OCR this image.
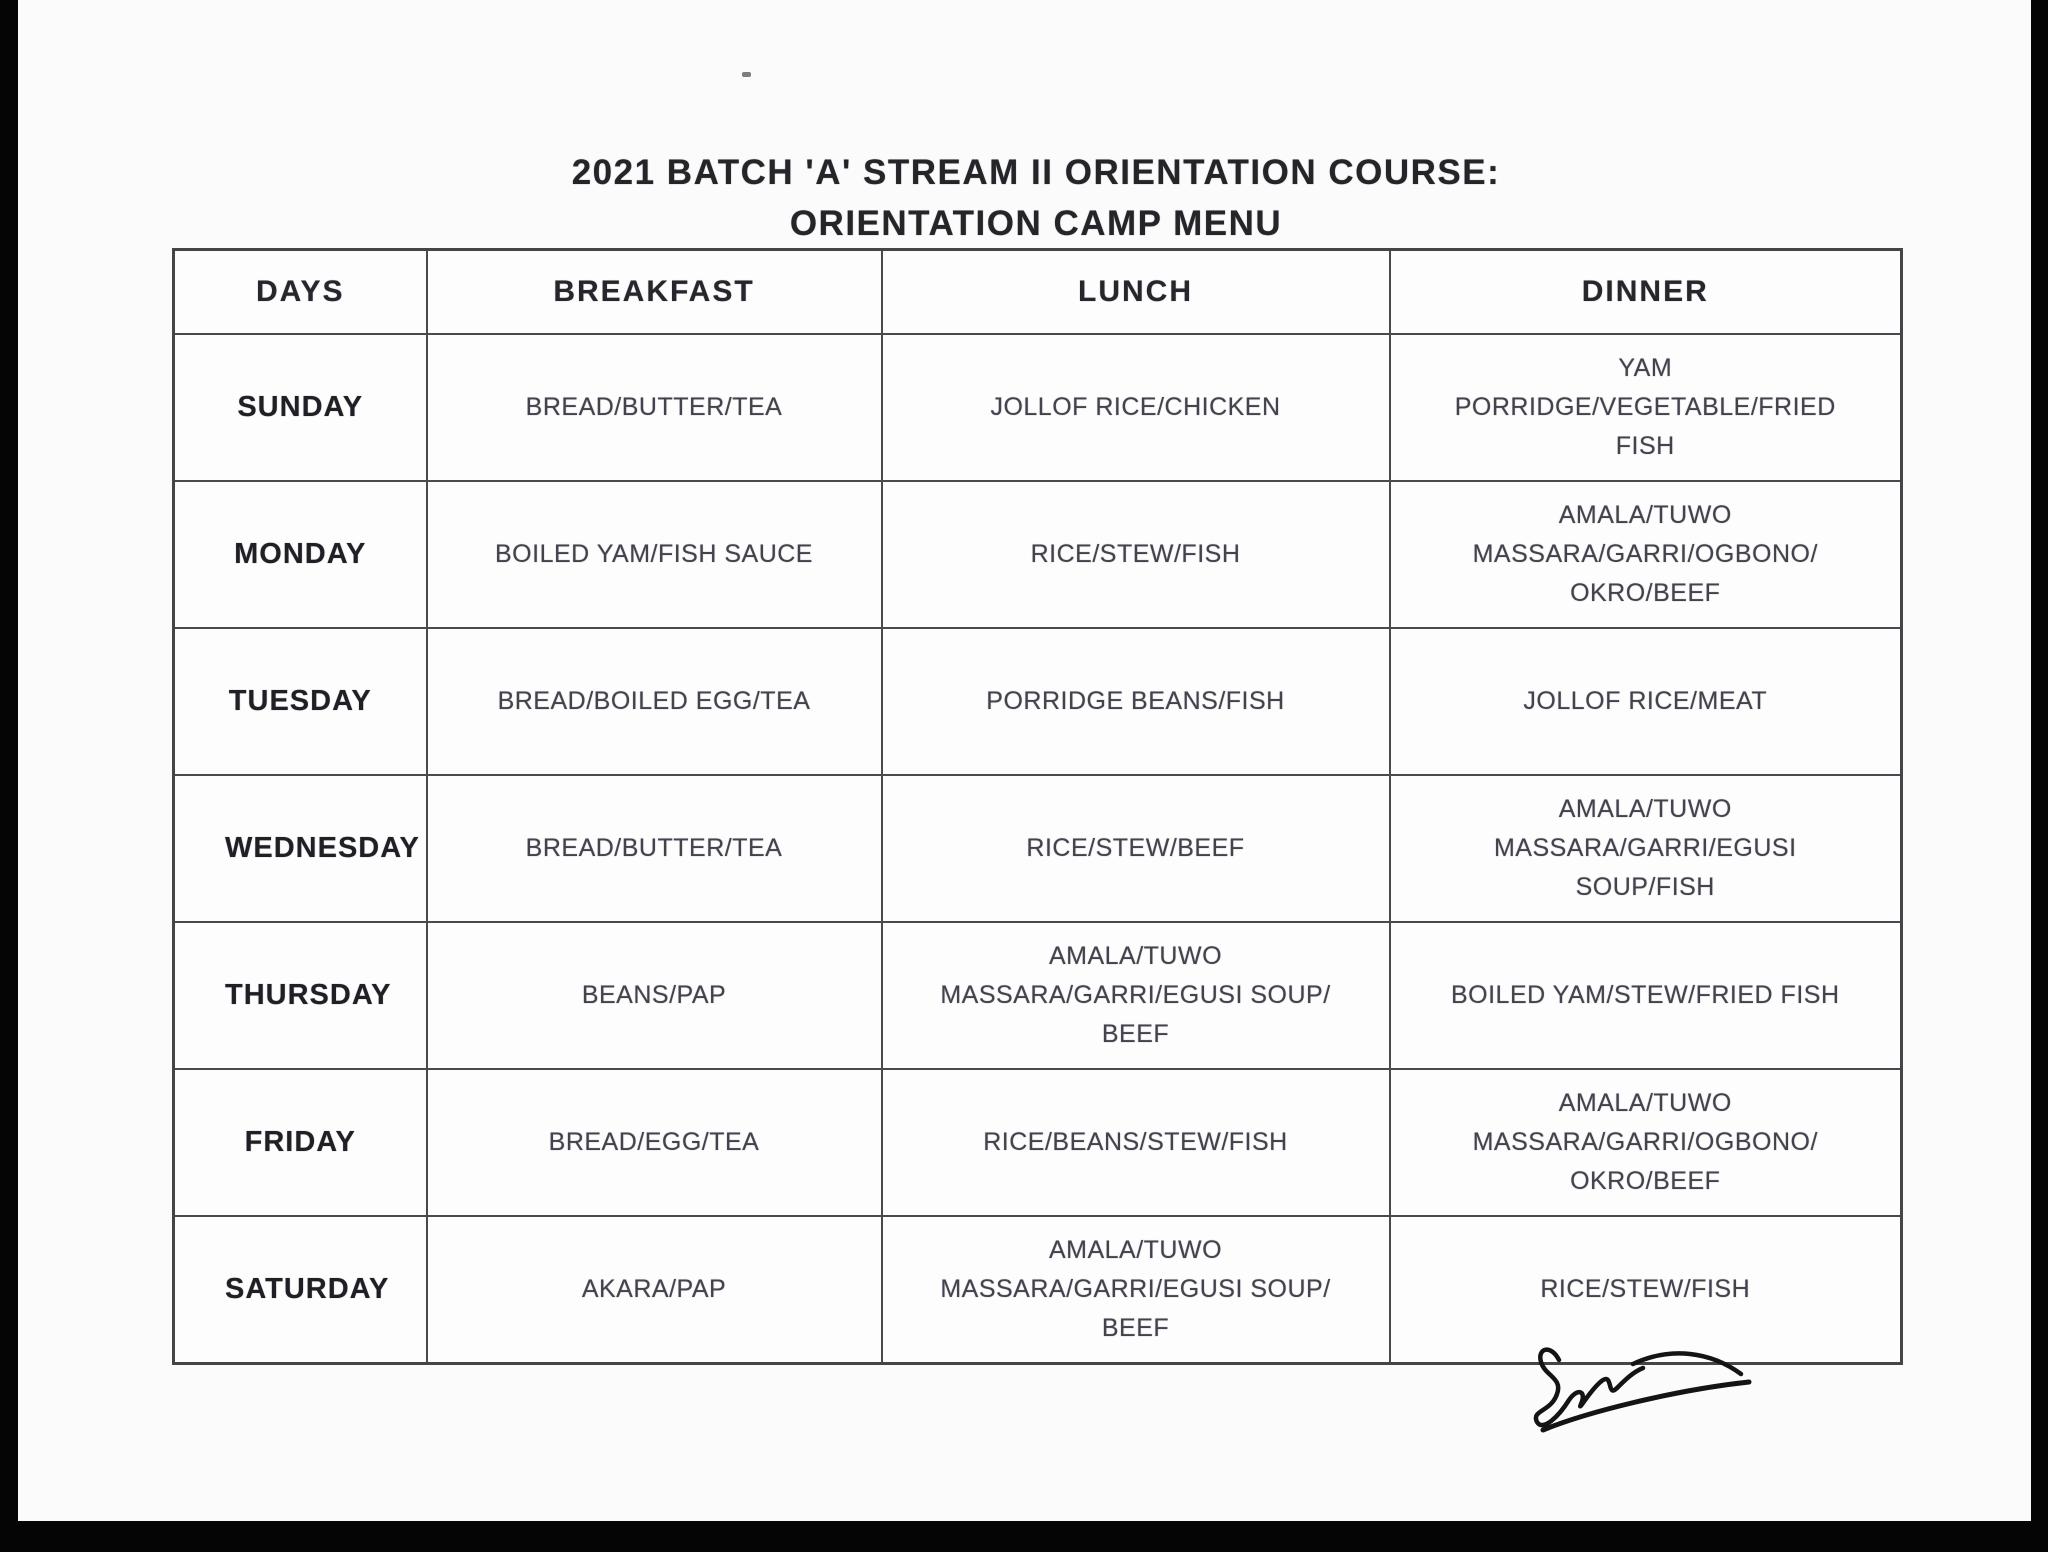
2021 BATCH 'A' STREAM II ORIENTATION COURSE:
ORIENTATION CAMP MENU
DAYS	BREAKFAST	LUNCH	DINNER
SUNDAY	BREAD/BUTTER/TEA	JOLLOF RICE/CHICKEN	YAM PORRIDGE/VEGETABLE/FRIED FISH
MONDAY	BOILED YAM/FISH SAUCE	RICE/STEW/FISH	AMALA/TUWO MASSARA/GARRI/OGBONO/ OKRO/BEEF
TUESDAY	BREAD/BOILED EGG/TEA	PORRIDGE BEANS/FISH	JOLLOF RICE/MEAT
WEDNESDAY	BREAD/BUTTER/TEA	RICE/STEW/BEEF	AMALA/TUWO MASSARA/GARRI/EGUSI SOUP/FISH
THURSDAY	BEANS/PAP	AMALA/TUWO MASSARA/GARRI/EGUSI SOUP/ BEEF	BOILED YAM/STEW/FRIED FISH
FRIDAY	BREAD/EGG/TEA	RICE/BEANS/STEW/FISH	AMALA/TUWO MASSARA/GARRI/OGBONO/ OKRO/BEEF
SATURDAY	AKARA/PAP	AMALA/TUWO MASSARA/GARRI/EGUSI SOUP/ BEEF	RICE/STEW/FISH
